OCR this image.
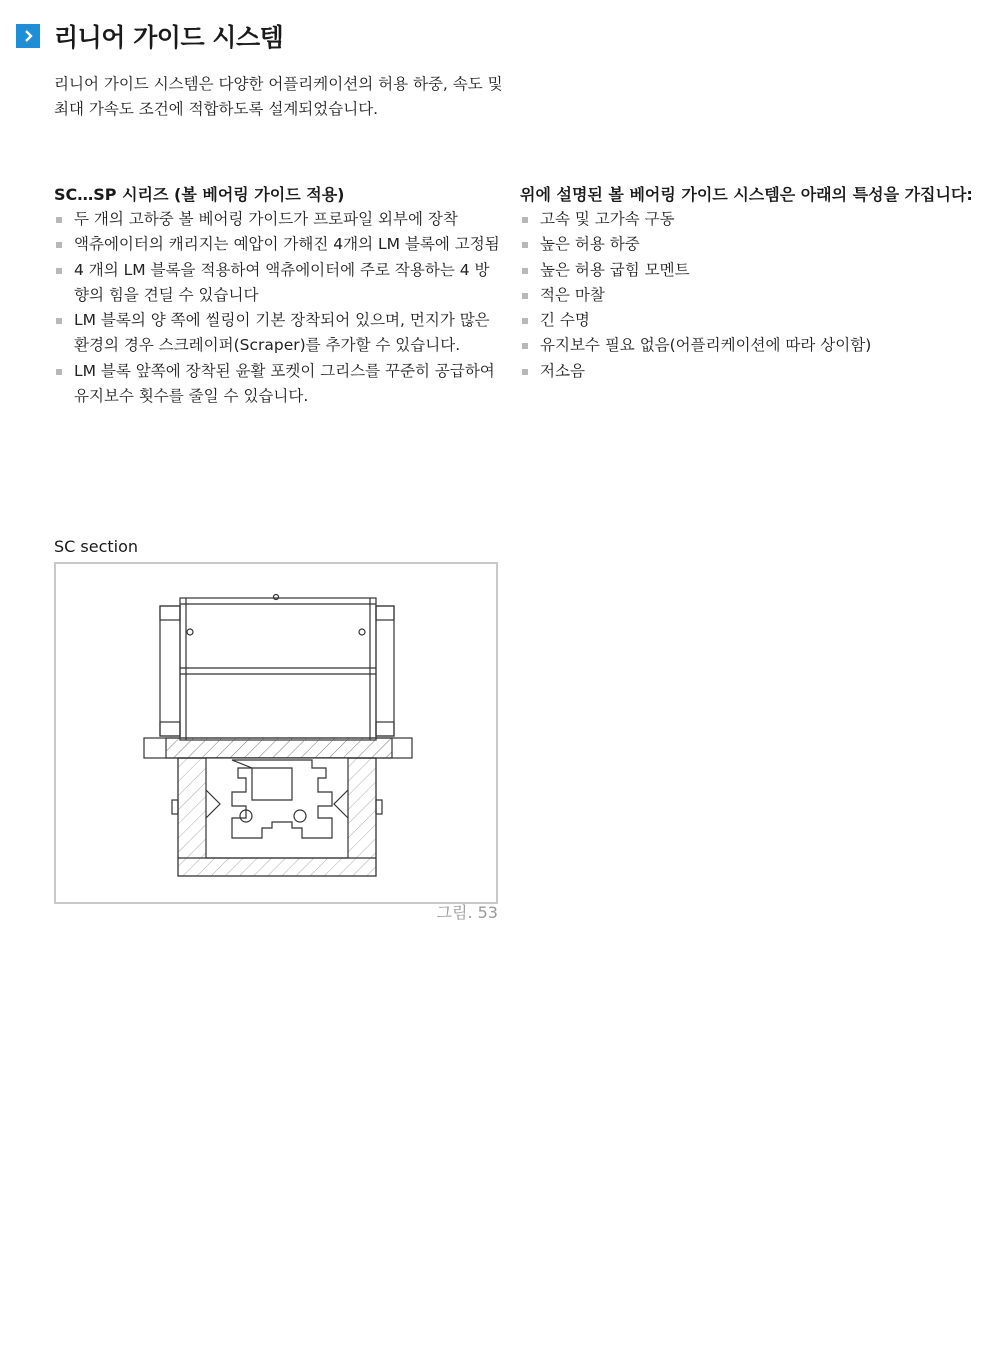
리니어 가이드 시스템
리니어 가이드 시스템은 다양한 어플리케이션의 허용 하중, 속도 및 최대 가속도 조건에 적합하도록 설계되었습니다.
SC…SP 시리즈 (볼 베어링 가이드 적용)
두 개의 고하중 볼 베어링 가이드가 프로파일 외부에 장착
액츄에이터의 캐리지는 예압이 가해진 4개의 LM 블록에 고정됨
4 개의 LM 블록을 적용하여 액츄에이터에 주로 작용하는 4 방향의 힘을 견딜 수 있습니다
LM 블록의 양 쪽에 씰링이 기본 장착되어 있으며, 먼지가 많은 환경의 경우 스크레이퍼(Scraper)를 추가할 수 있습니다.
LM 블록 앞쪽에 장착된 윤활 포켓이 그리스를 꾸준히 공급하여 유지보수 횟수를 줄일 수 있습니다.
위에 설명된 볼 베어링 가이드 시스템은 아래의 특성을 가집니다:
고속 및 고가속 구동
높은 허용 하중
높은 허용 굽힘 모멘트
적은 마찰
긴 수명
유지보수 필요 없음(어플리케이션에 따라 상이함)
저소음
SC section
그림. 53
